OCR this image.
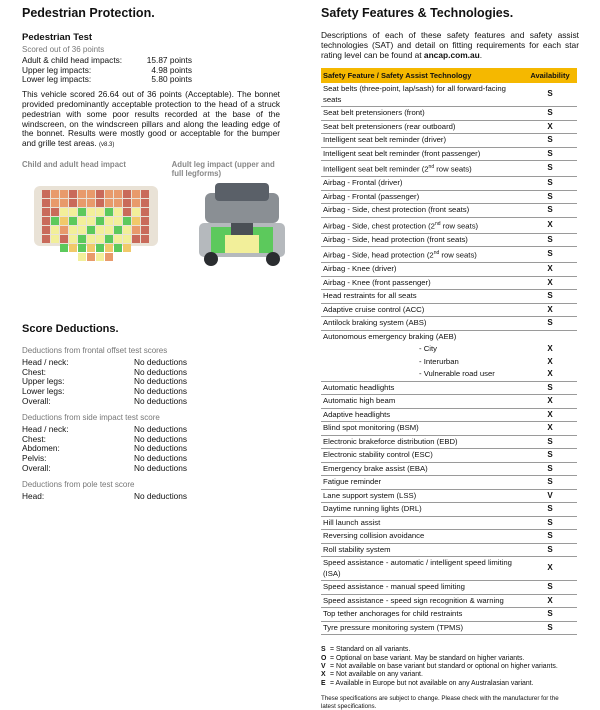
Pedestrian Protection.
Pedestrian Test
Scored out of 36 points
Adult & child head impacts:	15.87 points
Upper leg impacts:	4.98 points
Lower leg impacts:	5.80 points
This vehicle scored 26.64 out of 36 points (Acceptable). The bonnet provided predominantly acceptable protection to the head of a struck pedestrian with some poor results recorded at the base of the windscreen, on the windscreen pillars and along the leading edge of the bonnet. Results were mostly good or acceptable for the bumper and grille test areas. (v8.3)
Child and adult head impact	Adult leg impact (upper and full legforms)
Score Deductions.
Deductions from frontal offset test scores
Head / neck:	No deductions
Chest:	No deductions
Upper legs:	No deductions
Lower legs:	No deductions
Overall:	No deductions
Deductions from side impact test score
Head / neck:	No deductions
Chest:	No deductions
Abdomen:	No deductions
Pelvis:	No deductions
Overall:	No deductions
Deductions from pole test score
Head:	No deductions
Safety Features & Technologies.
Descriptions of each of these safety features and safety assist technologies (SAT) and detail on fitting requirements for each star rating level can be found at ancap.com.au.
Safety Feature / Safety Assist Technology	Availability
Seat belts (three-point, lap/sash) for all forward-facing seats	S
Seat belt pretensioners (front)	S
Seat belt pretensioners (rear outboard)	X
Intelligent seat belt reminder (driver)	S
Intelligent seat belt reminder (front passenger)	S
Intelligent seat belt reminder (2nd row seats)	S
Airbag - Frontal (driver)	S
Airbag - Frontal (passenger)	S
Airbag - Side, chest protection (front seats)	S
Airbag - Side, chest protection (2nd row seats)	X
Airbag - Side, head protection (front seats)	S
Airbag - Side, head protection (2nd row seats)	S
Airbag - Knee (driver)	X
Airbag - Knee (front passenger)	X
Head restraints for all seats	S
Adaptive cruise control (ACC)	X
Antilock braking system (ABS)	S
Autonomous emergency braking (AEB)	
- City	X
- Interurban	X
- Vulnerable road user	X
Automatic headlights	S
Automatic high beam	X
Adaptive headlights	X
Blind spot monitoring (BSM)	X
Electronic brakeforce distribution (EBD)	S
Electronic stability control (ESC)	S
Emergency brake assist (EBA)	S
Fatigue reminder	S
Lane support system (LSS)	V
Daytime running lights (DRL)	S
Hill launch assist	S
Reversing collision avoidance	S
Roll stability system	S
Speed assistance - automatic / intelligent speed limiting (ISA)	X
Speed assistance - manual speed limiting	S
Speed assistance - speed sign recognition & warning	X
Top tether anchorages for child restraints	S
Tyre pressure monitoring system (TPMS)	S
S = Standard on all variants.
O = Optional on base variant. May be standard on higher variants.
V = Not available on base variant but standard or optional on higher variants.
X = Not available on any variant.
E = Available in Europe but not available on any Australasian variant.
These specifications are subject to change. Please check with the manufacturer for the latest specifications.
